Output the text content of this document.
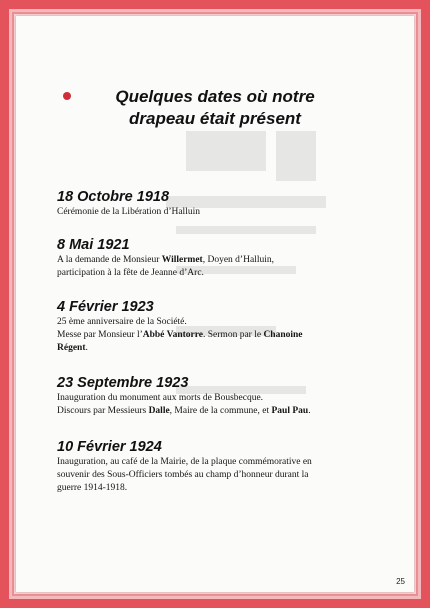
Quelques dates où notre
drapeau était présent
18 Octobre 1918
Cérémonie de la Libération d’Halluin
8 Mai 1921
A la demande de Monsieur Willermet, Doyen d’Halluin,
participation à la fête de Jeanne d’Arc.
4 Février 1923
25 ème anniversaire de la Société.
Messe par Monsieur l’Abbé Vantorre. Sermon par le Chanoine
Régent.
23 Septembre 1923
Inauguration du monument aux morts de Bousbecque.
Discours par Messieurs Dalle, Maire de la commune, et Paul Pau.
10 Février 1924
Inauguration, au café de la Mairie, de la plaque commémorative en
souvenir des Sous-Officiers tombés au champ d’honneur durant la
guerre 1914-1918.
25
